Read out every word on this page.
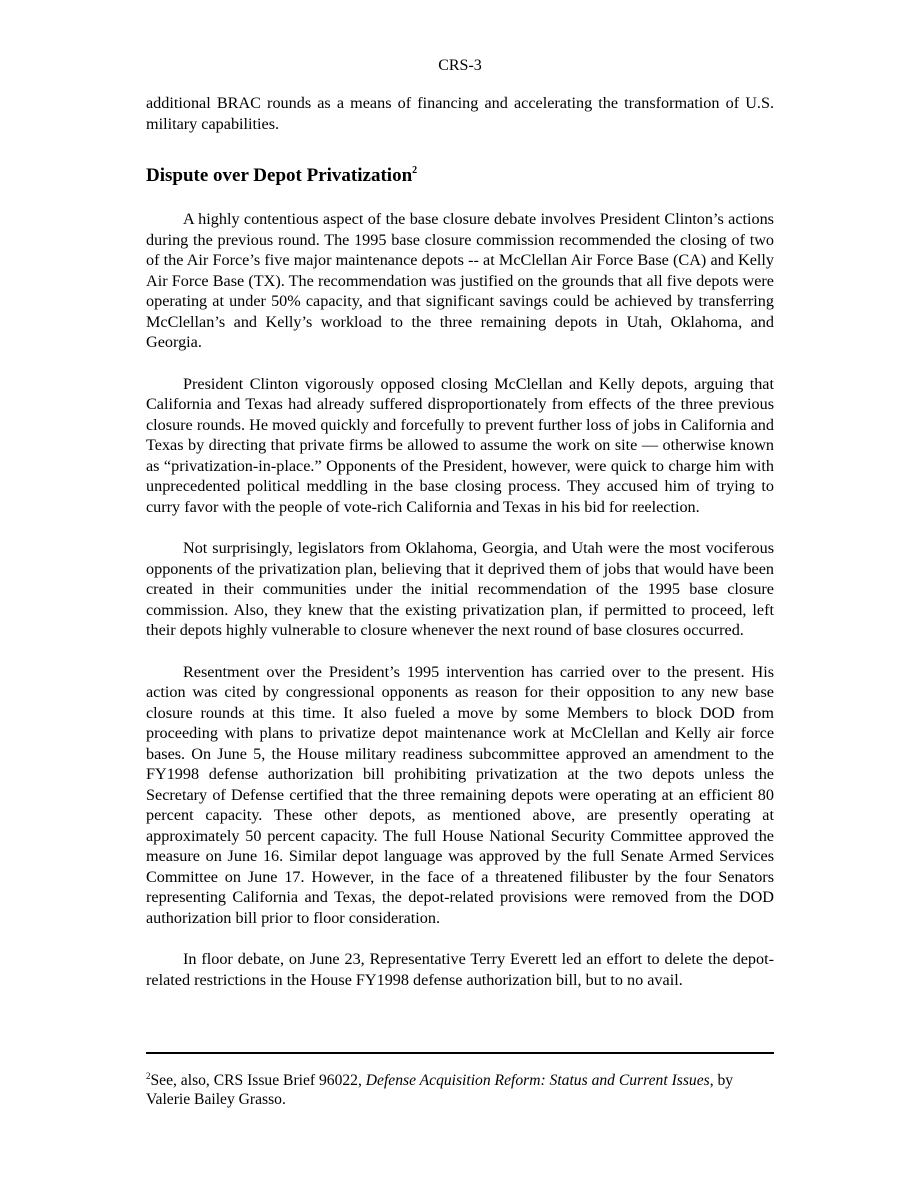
CRS-3

additional BRAC rounds as a means of financing and accelerating the transformation of U.S. military capabilities.

Dispute over Depot Privatization$^2$

A highly contentious aspect of the base closure debate involves President Clinton’s actions during the previous round. The 1995 base closure commission recommended the closing of two of the Air Force’s five major maintenance depots -- at McClellan Air Force Base (CA) and Kelly Air Force Base (TX). The recommendation was justified on the grounds that all five depots were operating at under 50% capacity, and that significant savings could be achieved by transferring McClellan’s and Kelly’s workload to the three remaining depots in Utah, Oklahoma, and Georgia.

President Clinton vigorously opposed closing McClellan and Kelly depots, arguing that California and Texas had already suffered disproportionately from effects of the three previous closure rounds. He moved quickly and forcefully to prevent further loss of jobs in California and Texas by directing that private firms be allowed to assume the work on site — otherwise known as “privatization-in-place.” Opponents of the President, however, were quick to charge him with unprecedented political meddling in the base closing process. They accused him of trying to curry favor with the people of vote-rich California and Texas in his bid for reelection.

Not surprisingly, legislators from Oklahoma, Georgia, and Utah were the most vociferous opponents of the privatization plan, believing that it deprived them of jobs that would have been created in their communities under the initial recommendation of the 1995 base closure commission. Also, they knew that the existing privatization plan, if permitted to proceed, left their depots highly vulnerable to closure whenever the next round of base closures occurred.

Resentment over the President’s 1995 intervention has carried over to the present. His action was cited by congressional opponents as reason for their opposition to any new base closure rounds at this time. It also fueled a move by some Members to block DOD from proceeding with plans to privatize depot maintenance work at McClellan and Kelly air force bases. On June 5, the House military readiness subcommittee approved an amendment to the FY1998 defense authorization bill prohibiting privatization at the two depots unless the Secretary of Defense certified that the three remaining depots were operating at an efficient 80 percent capacity. These other depots, as mentioned above, are presently operating at approximately 50 percent capacity. The full House National Security Committee approved the measure on June 16. Similar depot language was approved by the full Senate Armed Services Committee on June 17. However, in the face of a threatened filibuster by the four Senators representing California and Texas, the depot-related provisions were removed from the DOD authorization bill prior to floor consideration.

In floor debate, on June 23, Representative Terry Everett led an effort to delete the depot-related restrictions in the House FY1998 defense authorization bill, but to no avail.

$^2$See, also, CRS Issue Brief 96022, Defense Acquisition Reform: Status and Current Issues, by Valerie Bailey Grasso.
